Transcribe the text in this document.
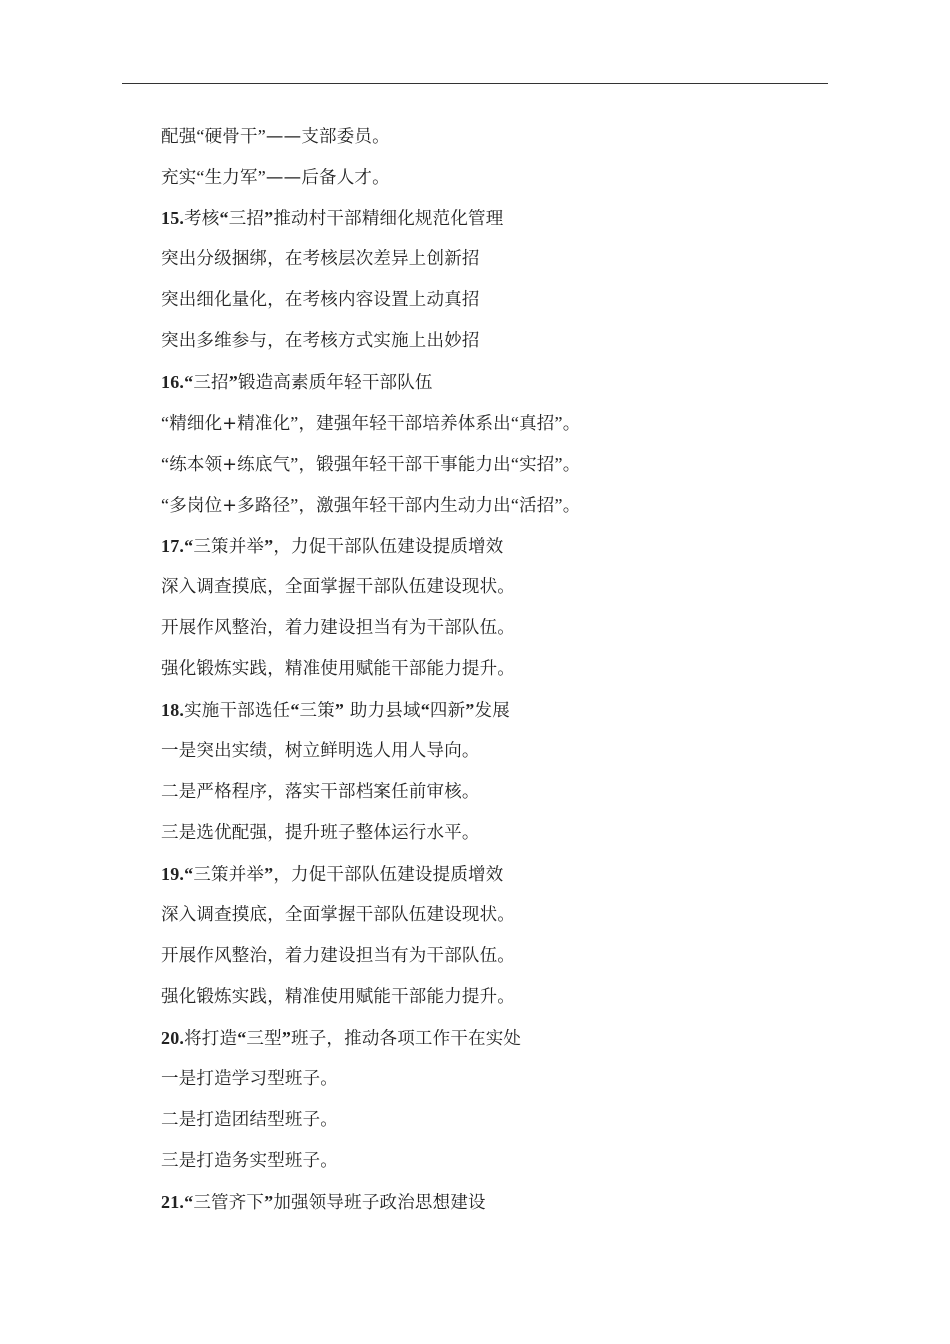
配强“硬骨干”——支部委员。
充实“生力军”——后备人才。
15.考核“三招”推动村干部精细化规范化管理
突出分级捆绑，在考核层次差异上创新招
突出细化量化，在考核内容设置上动真招
突出多维参与，在考核方式实施上出妙招
16.“三招”锻造高素质年轻干部队伍
“精细化+精准化”，建强年轻干部培养体系出“真招”。
“练本领+练底气”，锻强年轻干部干事能力出“实招”。
“多岗位+多路径”，激强年轻干部内生动力出“活招”。
17.“三策并举”，力促干部队伍建设提质增效
深入调查摸底，全面掌握干部队伍建设现状。
开展作风整治，着力建设担当有为干部队伍。
强化锻炼实践，精准使用赋能干部能力提升。
18.实施干部选任“三策” 助力县域“四新”发展
一是突出实绩，树立鲜明选人用人导向。
二是严格程序，落实干部档案任前审核。
三是选优配强，提升班子整体运行水平。
19.“三策并举”，力促干部队伍建设提质增效
深入调查摸底，全面掌握干部队伍建设现状。
开展作风整治，着力建设担当有为干部队伍。
强化锻炼实践，精准使用赋能干部能力提升。
20.将打造“三型”班子，推动各项工作干在实处
一是打造学习型班子。
二是打造团结型班子。
三是打造务实型班子。
21.“三管齐下”加强领导班子政治思想建设
